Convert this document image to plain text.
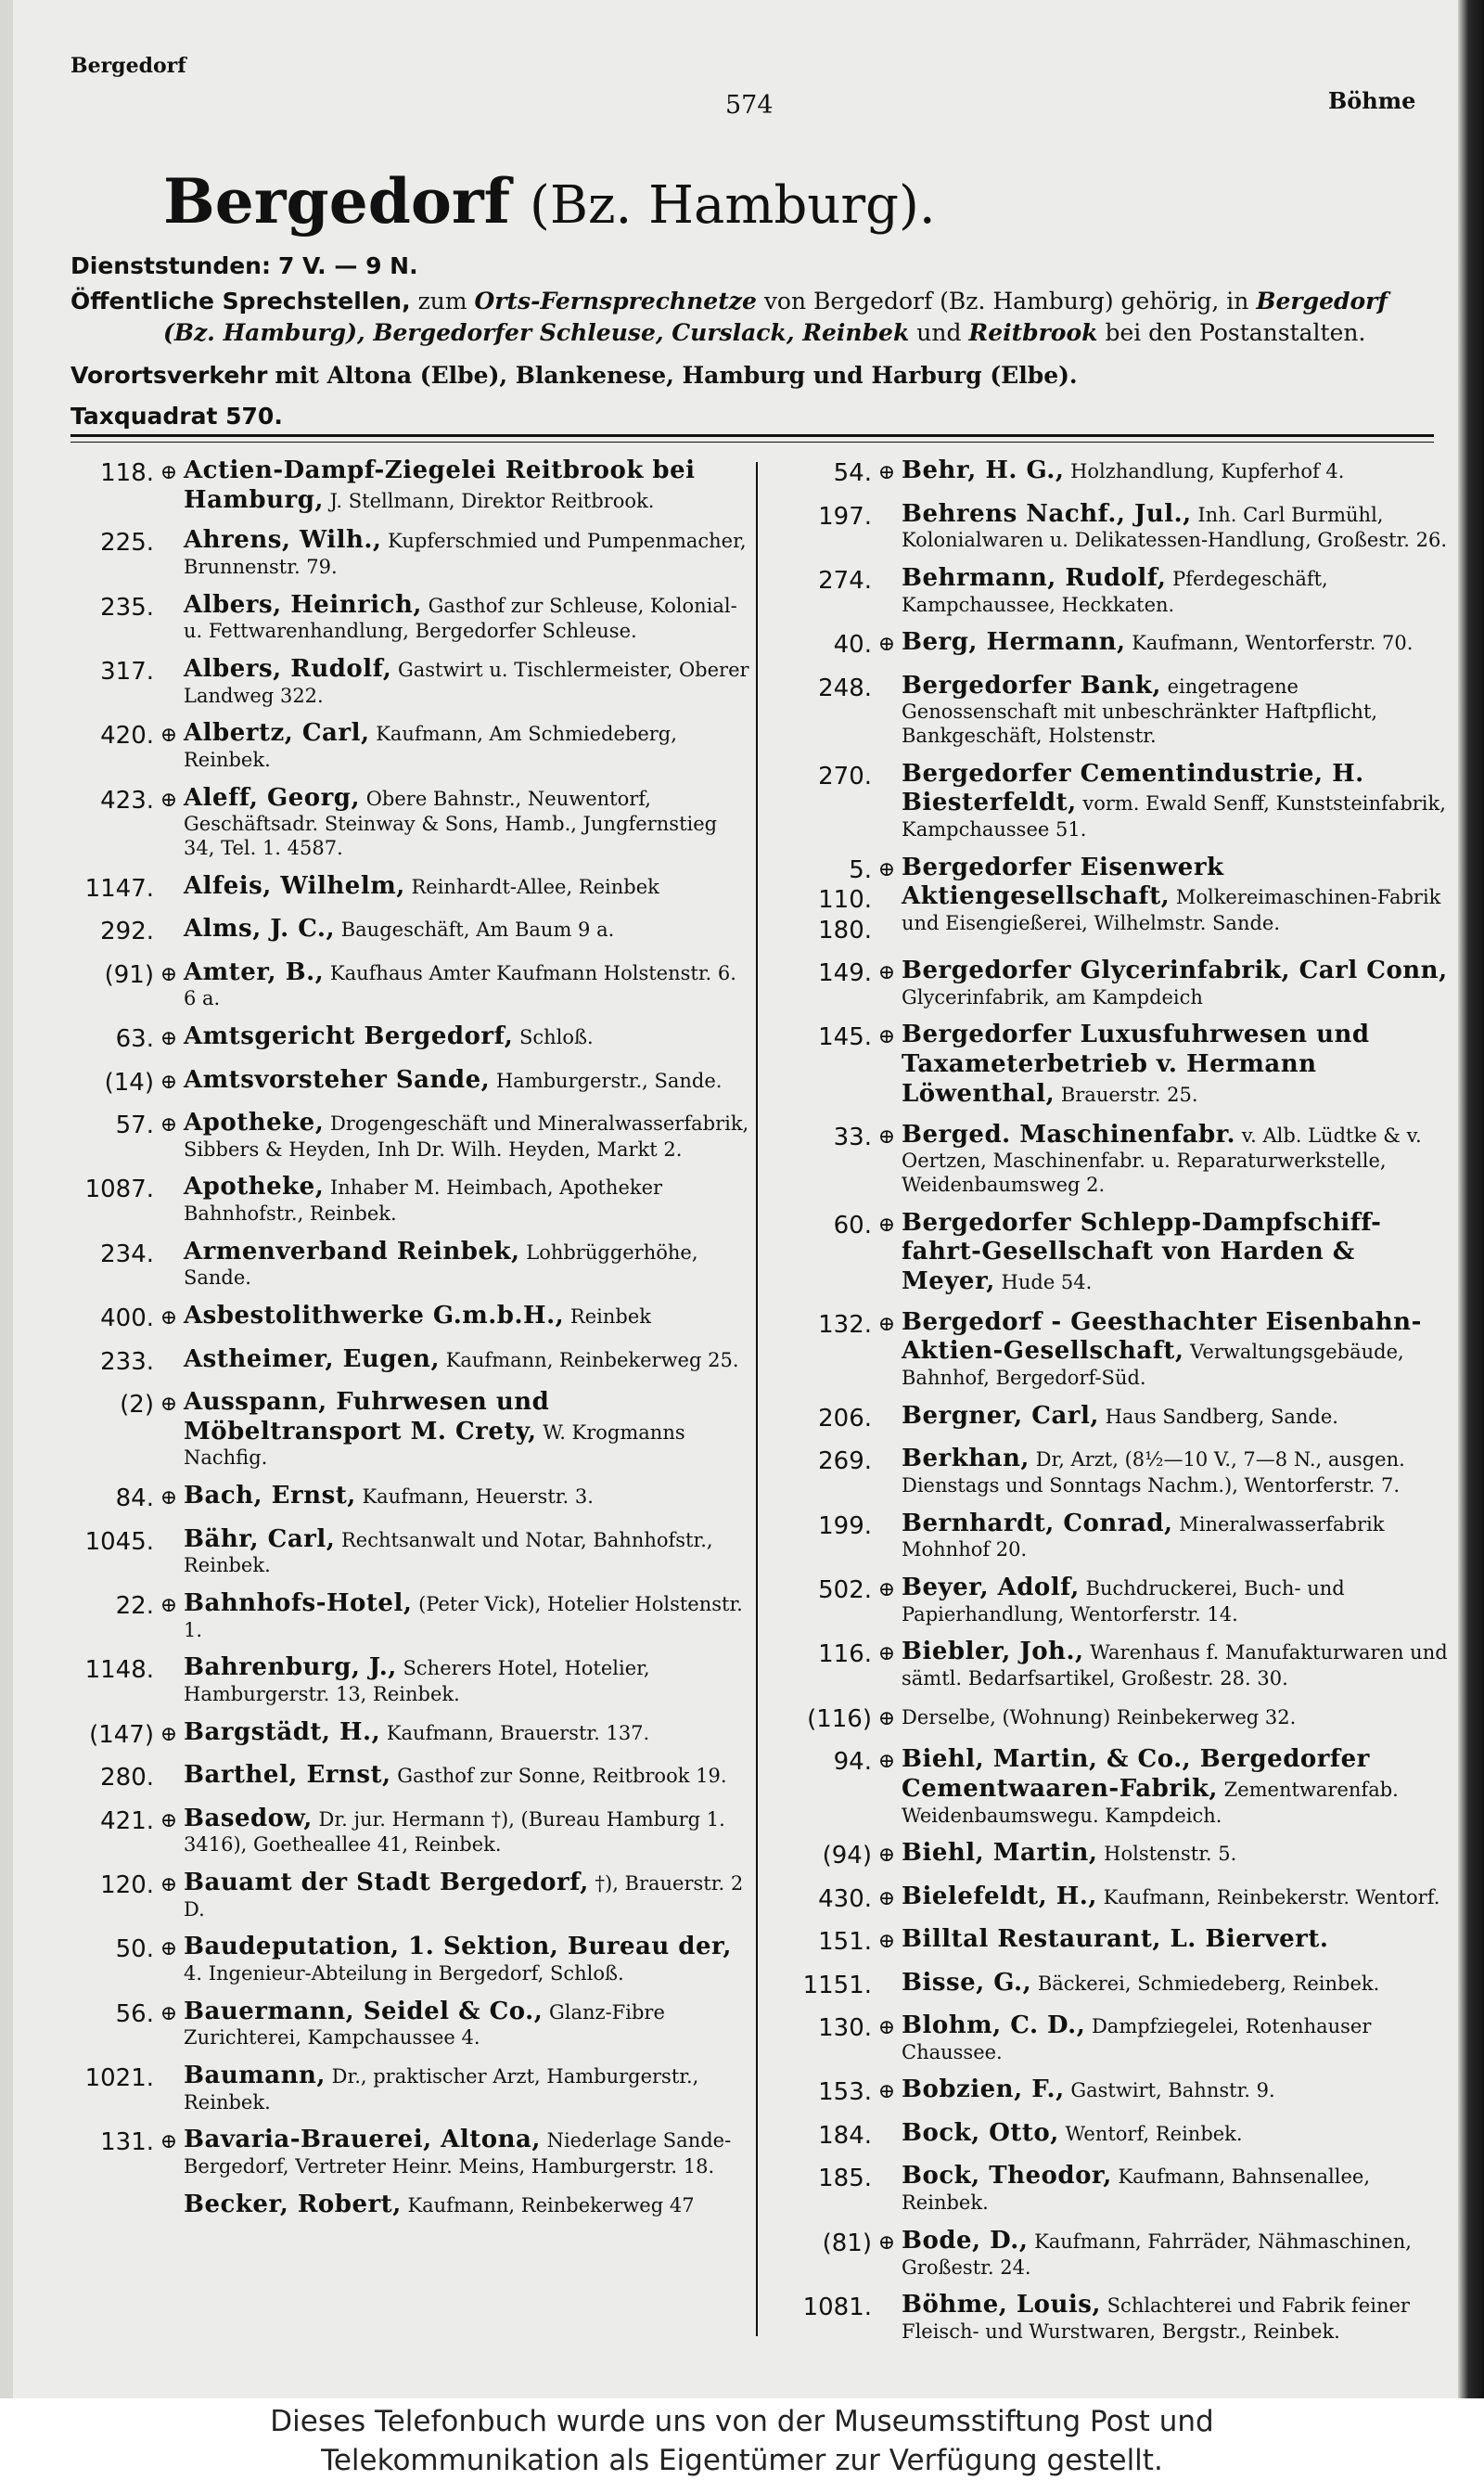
Bergedorf
574	Böhme
Bergedorf (Bz. Hamburg).
Dienststunden: 7 V. — 9 N.
Öffentliche Sprechstellen, zum Orts-Fernsprechnetze von Bergedorf (Bz. Hamburg) gehörig, in Bergedorf
(Bz. Hamburg), Bergedorfer Schleuse, Curslack, Reinbek und Reitbrook bei den Postanstalten.
Vorortsverkehr mit Altona (Elbe), Blankenese, Hamburg und Harburg (Elbe).
Taxquadrat 570.
118. ⊕ Actien-Dampf-Ziegelei Reitbrook bei Hamburg, J. Stellmann, Direktor Reitbrook.
225. Ahrens, Wilh., Kupferschmied und Pumpenmacher, Brunnenstr. 79.
235. Albers, Heinrich, Gasthof zur Schleuse, Kolonial- u. Fettwarenhandlung, Bergedorfer Schleuse.
317. Albers, Rudolf, Gastwirt u. Tischlermeister, Oberer Landweg 322.
420. ⊕ Albertz, Carl, Kaufmann, Am Schmiedeberg, Reinbek.
423. ⊕ Aleff, Georg, Obere Bahnstr., Neuwentorf, Geschäftsadr. Steinway & Sons, Hamb., Jungfernstieg 34, Tel. 1. 4587.
1147. Alfeis, Wilhelm, Reinhardt-Allee, Reinbek
292. Alms, J. C., Baugeschäft, Am Baum 9 a.
(91) ⊕ Amter, B., Kaufhaus Amter Kaufmann Holstenstr. 6. 6 a.
63. ⊕ Amtsgericht Bergedorf, Schloß.
(14) ⊕ Amtsvorsteher Sande, Hamburgerstr., Sande.
57. ⊕ Apotheke, Drogengeschäft und Mineralwasserfabrik, Sibbers & Heyden, Inh Dr. Wilh. Heyden, Markt 2.
1087. Apotheke, Inhaber M. Heimbach, Apotheker Bahnhofstr., Reinbek.
234. Armenverband Reinbek, Lohbrüggerhöhe, Sande.
400. ⊕ Asbestolithwerke G.m.b.H., Reinbek
233. Astheimer, Eugen, Kaufmann, Reinbekerweg 25.
(2) ⊕ Ausspann, Fuhrwesen und Möbeltransport M. Crety, W. Krogmanns Nachfig.
84. ⊕ Bach, Ernst, Kaufmann, Heuerstr. 3.
1045. Bähr, Carl, Rechtsanwalt und Notar, Bahnhofstr., Reinbek.
22. ⊕ Bahnhofs-Hotel, (Peter Vick), Hotelier Holstenstr. 1.
1148. Bahrenburg, J., Scherers Hotel, Hotelier, Hamburgerstr. 13, Reinbek.
(147) ⊕ Bargstädt, H., Kaufmann, Brauerstr. 137.
280. Barthel, Ernst, Gasthof zur Sonne, Reitbrook 19.
421. ⊕ Basedow, Dr. jur. Hermann †), (Bureau Hamburg 1. 3416), Goetheallee 41, Reinbek.
120. ⊕ Bauamt der Stadt Bergedorf, †), Brauerstr. 2 D.
50. ⊕ Baudeputation, 1. Sektion, Bureau der, 4. Ingenieur-Abteilung in Bergedorf, Schloß.
56. ⊕ Bauermann, Seidel & Co., Glanz-Fibre Zurichterei, Kampchaussee 4.
1021. Baumann, Dr., praktischer Arzt, Hamburgerstr., Reinbek.
131. ⊕ Bavaria-Brauerei, Altona, Niederlage Sande-Bergedorf, Vertreter Heinr. Meins, Hamburgerstr. 18.
Becker, Robert, Kaufmann, Reinbekerweg 47
54. ⊕ Behr, H. G., Holzhandlung, Kupferhof 4.
197. Behrens Nachf., Jul., Inh. Carl Burmühl, Kolonialwaren u. Delikatessen-Handlung, Großestr. 26.
274. Behrmann, Rudolf, Pferdegeschäft, Kampchaussee, Heckkaten.
40. ⊕ Berg, Hermann, Kaufmann, Wentorferstr. 70.
248. Bergedorfer Bank, eingetragene Genossenschaft mit unbeschränkter Haftpflicht, Bankgeschäft, Holstenstr.
270. Bergedorfer Cementindustrie, H. Biesterfeldt, vorm. Ewald Senff, Kunststeinfabrik, Kampchaussee 51.
5. 110. 180.
⊕ Bergedorfer Eisenwerk Aktiengesellschaft, Molkereimaschinen-Fabrik und Eisengießerei, Wilhelmstr. Sande.
149. ⊕ Bergedorfer Glycerinfabrik, Carl Conn, Glycerinfabrik, am Kampdeich
145. ⊕ Bergedorfer Luxusfuhrwesen und Taxameterbetrieb v. Hermann Löwenthal, Brauerstr. 25.
33. ⊕ Berged. Maschinenfabr. v. Alb. Lüdtke & v. Oertzen, Maschinenfabr. u. Reparaturwerkstelle, Weidenbaumsweg 2.
60. ⊕ Bergedorfer Schlepp-Dampfschiff-fahrt-Gesellschaft von Harden & Meyer, Hude 54.
132. ⊕ Bergedorf - Geesthachter Eisenbahn-Aktien-Gesellschaft, Verwaltungsgebäude, Bahnhof, Bergedorf-Süd.
206. Bergner, Carl, Haus Sandberg, Sande.
269. Berkhan, Dr, Arzt, (8½—10 V., 7—8 N., ausgen. Dienstags und Sonntags Nachm.), Wentorferstr. 7.
199. Bernhardt, Conrad, Mineralwasserfabrik Mohnhof 20.
502. ⊕ Beyer, Adolf, Buchdruckerei, Buch- und Papierhandlung, Wentorferstr. 14.
116. ⊕ Biebler, Joh., Warenhaus f. Manufakturwaren und sämtl. Bedarfsartikel, Großestr. 28. 30.
(116) ⊕ Derselbe, (Wohnung) Reinbekerweg 32.
94. ⊕ Biehl, Martin, & Co., Bergedorfer Cementwaaren-Fabrik, Zementwarenfab. Weidenbaumswegu. Kampdeich.
(94) ⊕ Biehl, Martin, Holstenstr. 5.
430. ⊕ Bielefeldt, H., Kaufmann, Reinbekerstr. Wentorf.
151. ⊕ Billtal Restaurant, L. Biervert.
1151. Bisse, G., Bäckerei, Schmiedeberg, Reinbek.
130. ⊕ Blohm, C. D., Dampfziegelei, Rotenhauser Chaussee.
153. ⊕ Bobzien, F., Gastwirt, Bahnstr. 9.
184. Bock, Otto, Wentorf, Reinbek.
185. Bock, Theodor, Kaufmann, Bahnsenallee, Reinbek.
(81) ⊕ Bode, D., Kaufmann, Fahrräder, Nähmaschinen, Großestr. 24.
1081. Böhme, Louis, Schlachterei und Fabrik feiner Fleisch- und Wurstwaren, Bergstr., Reinbek.

Dieses Telefonbuch wurde uns von der Museumsstiftung Post und

Telekommunikation als Eigentümer zur Verfügung gestellt.
